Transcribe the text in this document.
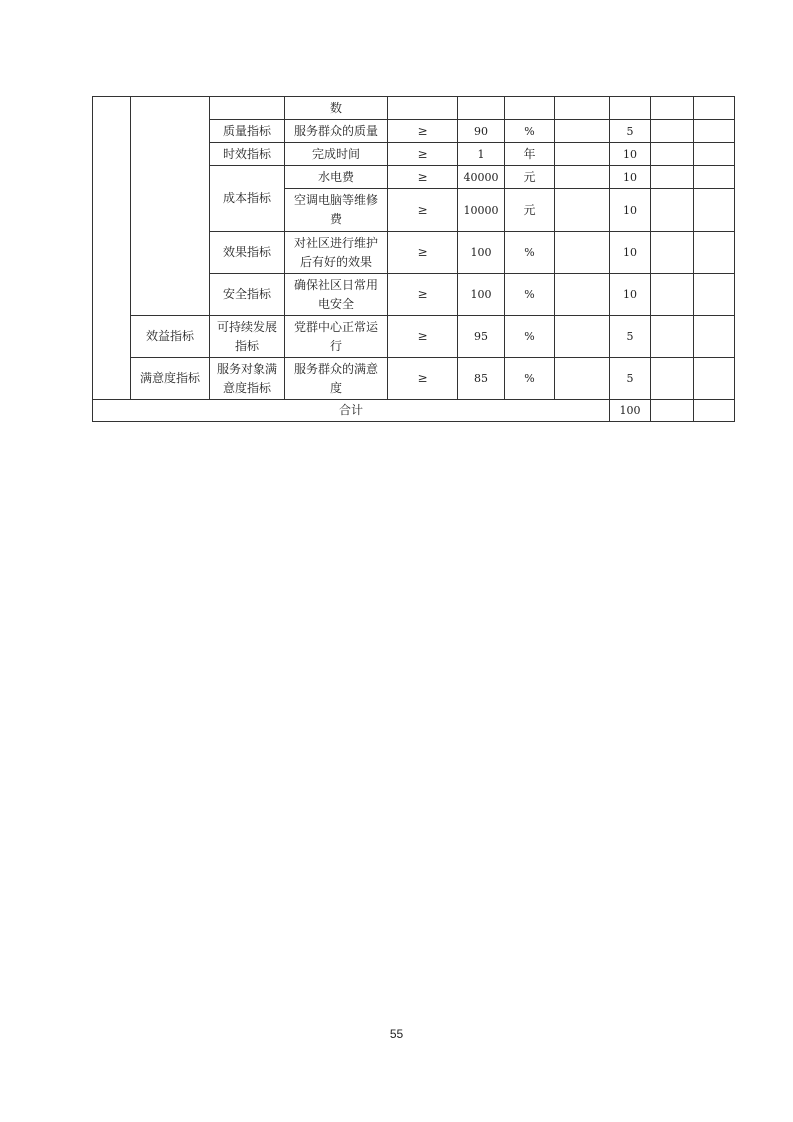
			数							
		质量指标	服务群众的质量	≥	90	%		5		
		时效指标	完成时间	≥	1	年		10		
		成本指标	水电费	≥	40000	元		10		
			空调电脑等维修费	≥	10000	元		10		
		效果指标	对社区进行维护后有好的效果	≥	100	%		10		
		安全指标	确保社区日常用电安全	≥	100	%		10		
	效益指标	可持续发展指标	党群中心正常运行	≥	95	%		5		
	满意度指标	服务对象满意度指标	服务群众的满意度	≥	85	%		5		
合计								100		
55
